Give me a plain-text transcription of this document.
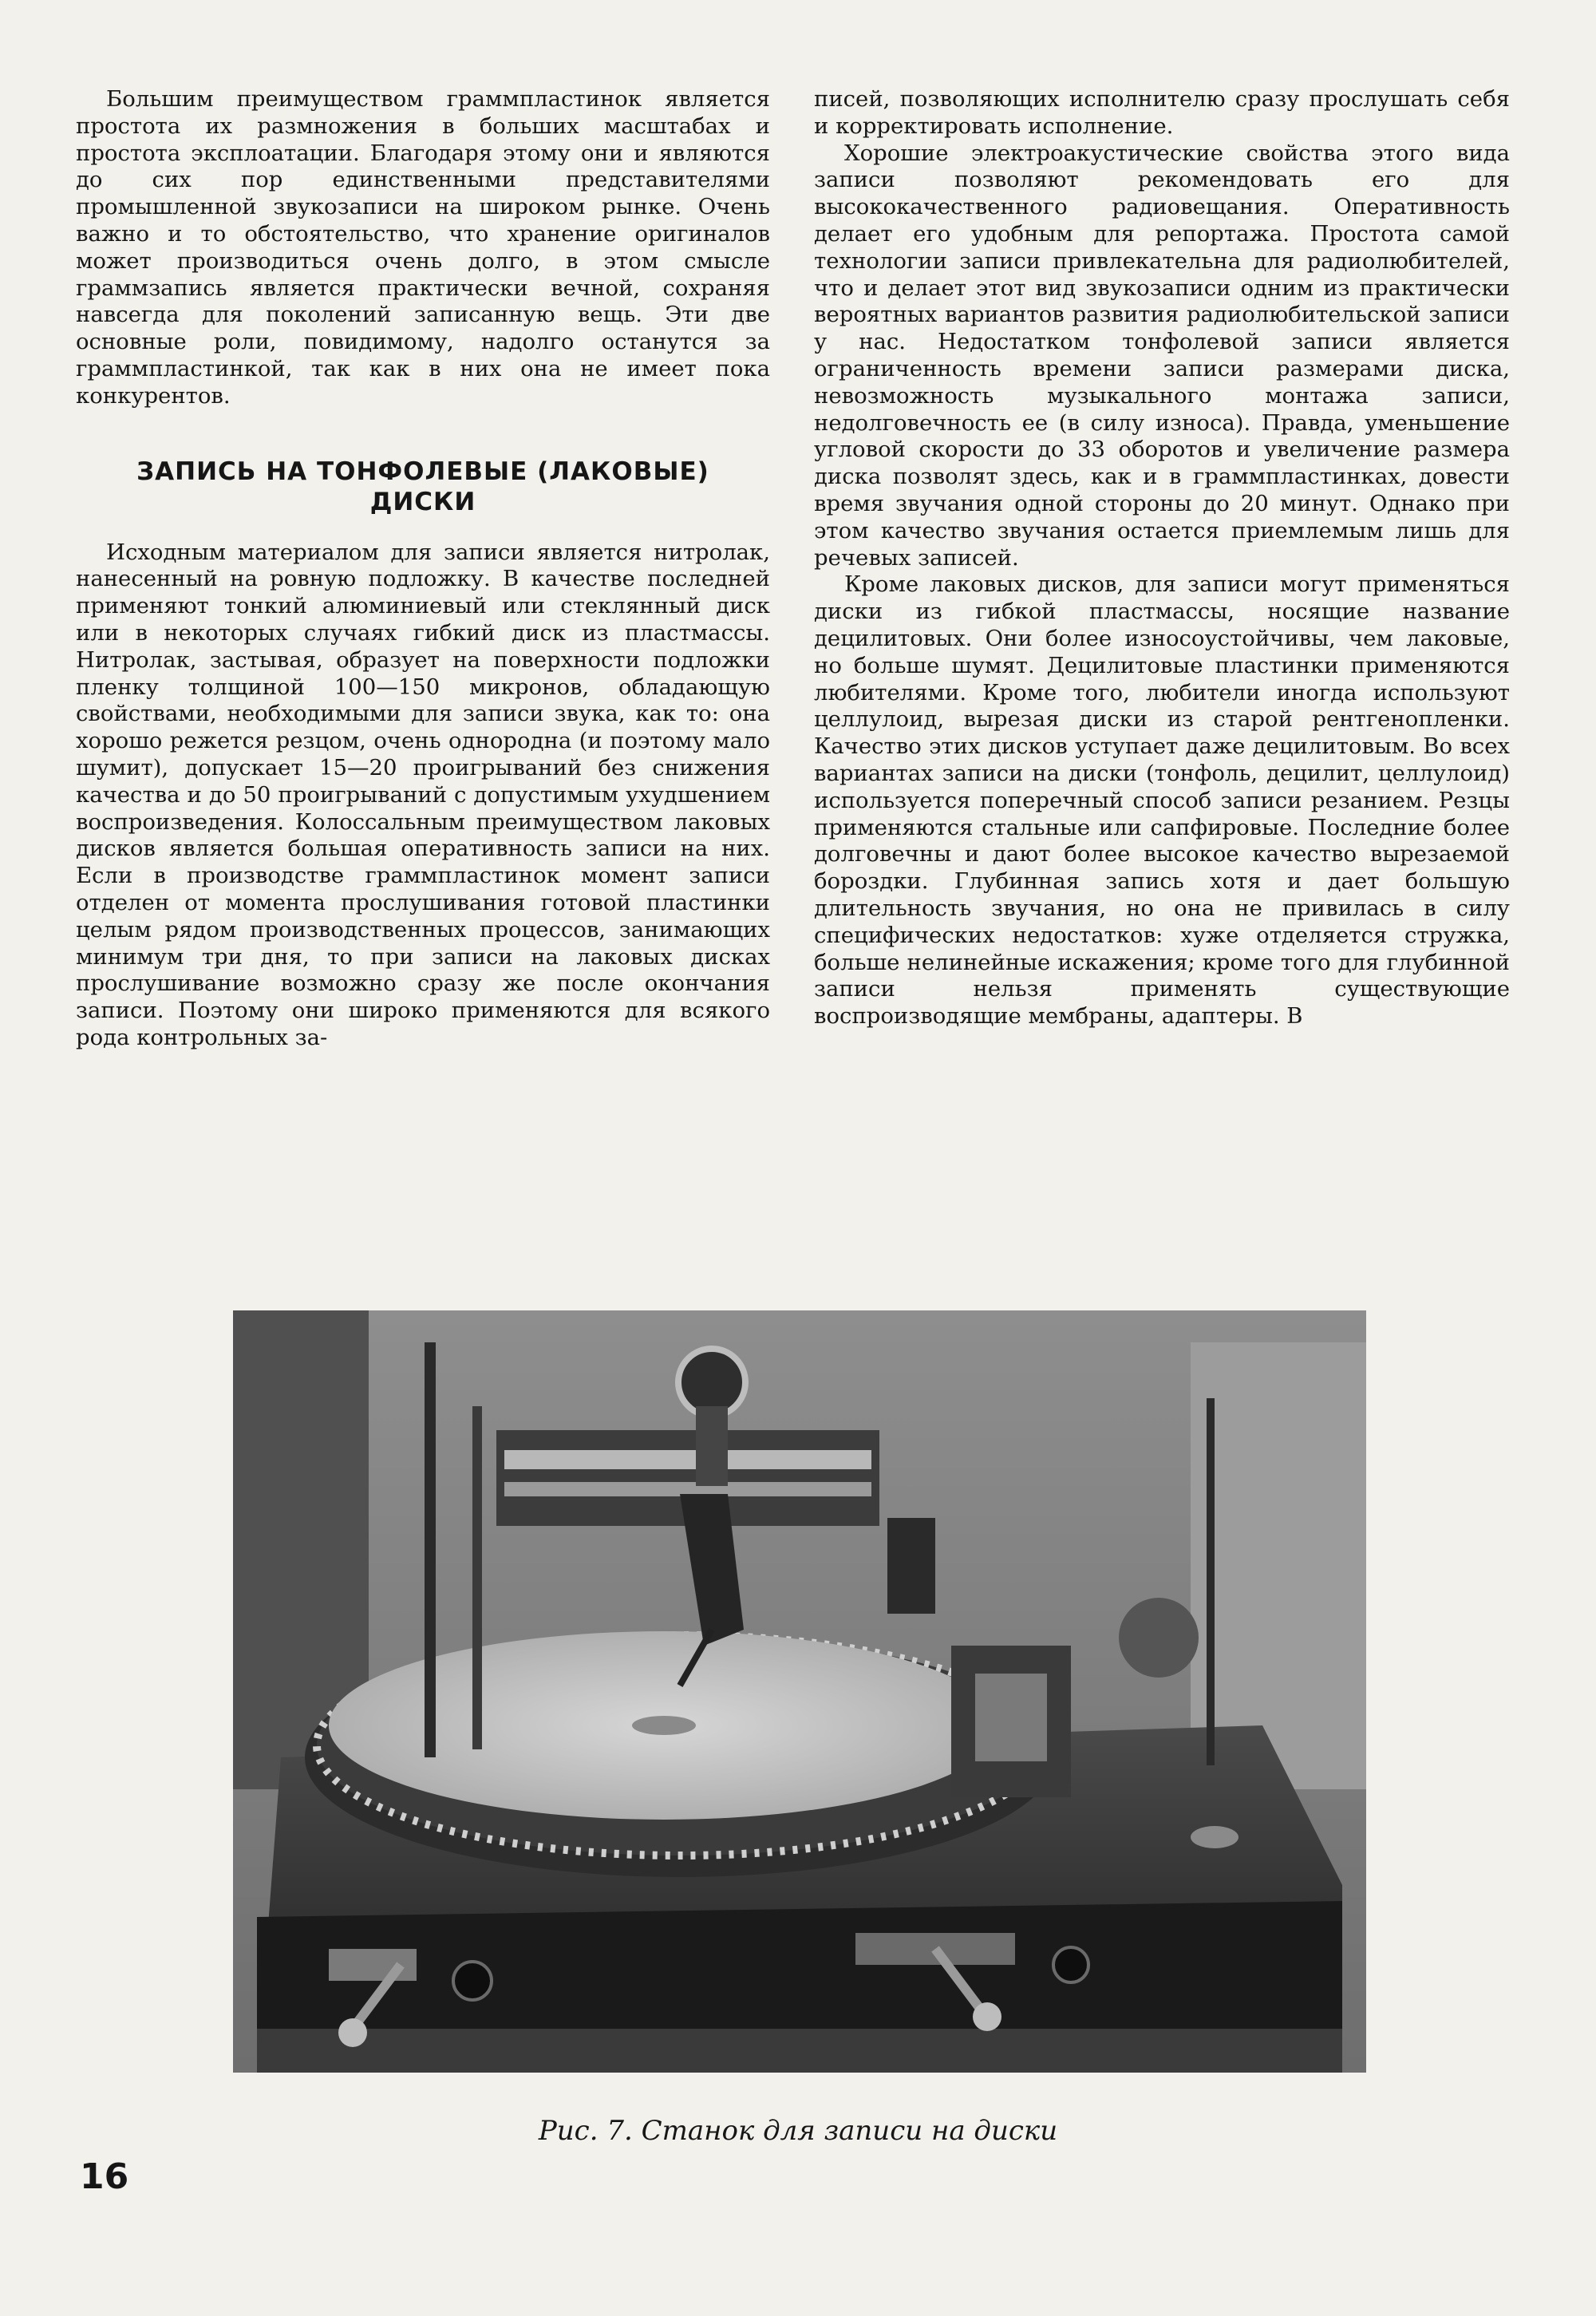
Большим преимуществом граммпластинок является простота их размножения в больших масштабах и простота эксплоатации. Благодаря этому они и являются до сих пор единственными представителями промышленной звукозаписи на широком рынке. Очень важно и то обстоятельство, что хранение оригиналов может производиться очень долго, в этом смысле граммзапись является практически вечной, сохраняя навсегда для поколений записанную вещь. Эти две основные роли, повидимому, надолго останутся за граммпластинкой, так как в них она не имеет пока конкурентов.

ЗАПИСЬ НА ТОНФОЛЕВЫЕ (ЛАКОВЫЕ)
ДИСКИ

Исходным материалом для записи является нитролак, нанесенный на ровную подложку. В качестве последней применяют тонкий алюминиевый или стеклянный диск или в некоторых случаях гибкий диск из пластмассы. Нитролак, застывая, образует на поверхности подложки пленку толщиной 100—150 микронов, обладающую свойствами, необходимыми для записи звука, как то: она хорошо режется резцом, очень однородна (и поэтому мало шумит), допускает 15—20 проигрываний без снижения качества и до 50 проигрываний с допустимым ухудшением воспроизведения. Колоссальным преимуществом лаковых дисков является большая оперативность записи на них. Если в производстве граммпластинок момент записи отделен от момента прослушивания готовой пластинки целым рядом производственных процессов, занимающих минимум три дня, то при записи на лаковых дисках прослушивание возможно сразу же после окончания записи. Поэтому они широко применяются для всякого рода контрольных за-

писей, позволяющих исполнителю сразу прослушать себя и корректировать исполнение.

Хорошие электроакустические свойства этого вида записи позволяют рекомендовать его для высококачественного радиовещания. Оперативность делает его удобным для репортажа. Простота самой технологии записи привлекательна для радиолюбителей, что и делает этот вид звукозаписи одним из практически вероятных вариантов развития радиолюбительской записи у нас. Недостатком тонфолевой записи является ограниченность времени записи размерами диска, невозможность музыкального монтажа записи, недолговечность ее (в силу износа). Правда, уменьшение угловой скорости до 33 оборотов и увеличение размера диска позволят здесь, как и в граммпластинках, довести время звучания одной стороны до 20 минут. Однако при этом качество звучания остается приемлемым лишь для речевых записей.

Кроме лаковых дисков, для записи могут применяться диски из гибкой пластмассы, носящие название децилитовых. Они более износоустойчивы, чем лаковые, но больше шумят. Децилитовые пластинки применяются любителями. Кроме того, любители иногда используют целлулоид, вырезая диски из старой рентгенопленки. Качество этих дисков уступает даже децилитовым. Во всех вариантах записи на диски (тонфоль, децилит, целлулоид) используется поперечный способ записи резанием. Резцы применяются стальные или сапфировые. Последние более долговечны и дают более высокое качество вырезаемой бороздки. Глубинная запись хотя и дает большую длительность звучания, но она не привилась в силу специфических недостатков: хуже отделяется стружка, больше нелинейные искажения; кроме того для глубинной записи нельзя применять существующие воспроизводящие мембраны, адаптеры. В

Рис. 7. Станок для записи на диски
16
